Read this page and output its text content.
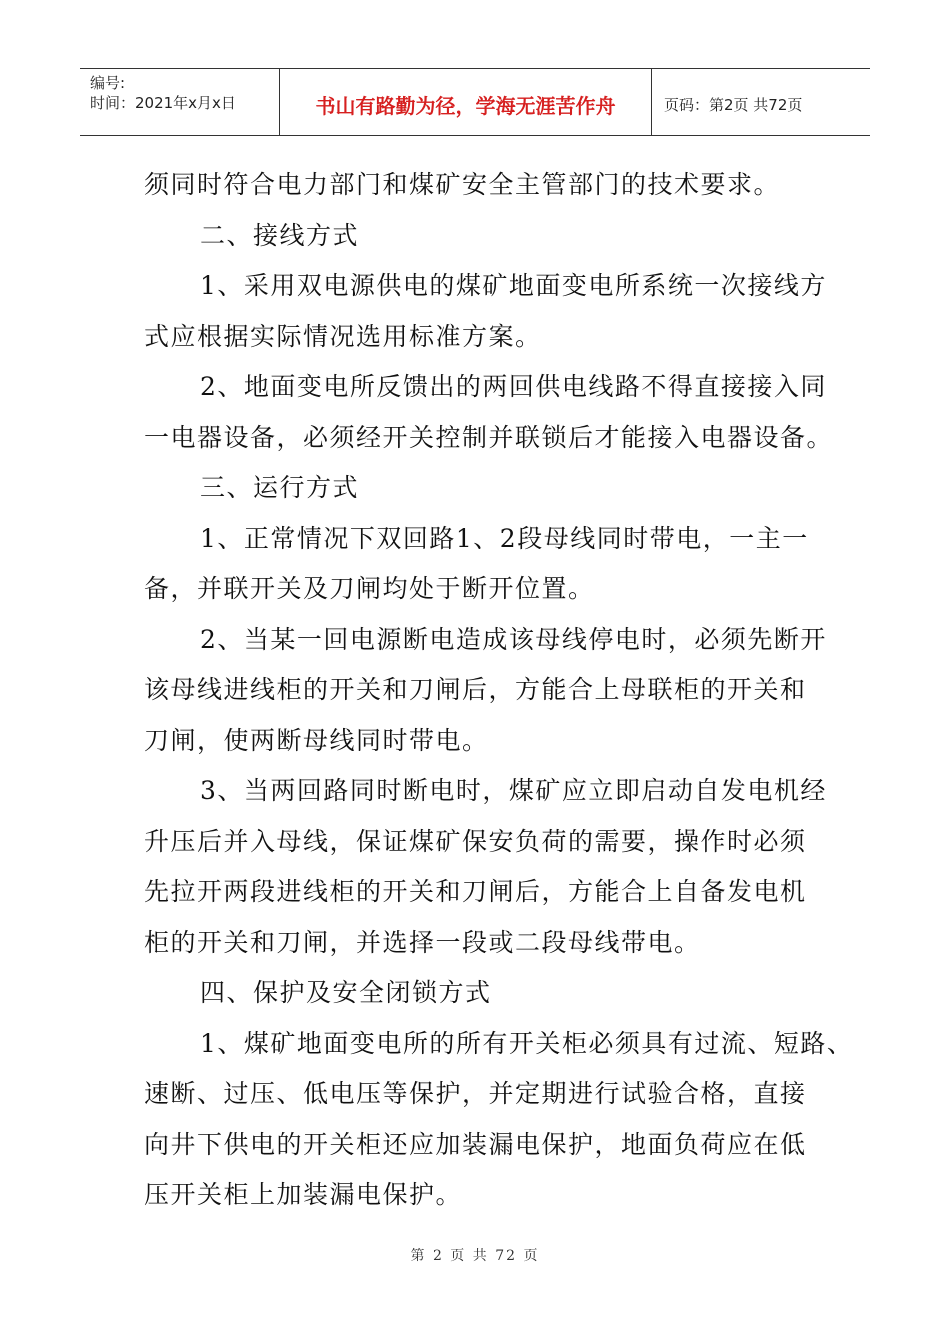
编号:
时间：2021年x月x日	书山有路勤为径，学海无涯苦作舟	页码：第2页 共72页
须同时符合电力部门和煤矿安全主管部门的技术要求。
二、接线方式
1、采用双电源供电的煤矿地面变电所系统一次接线方
式应根据实际情况选用标准方案。
2、地面变电所反馈出的两回供电线路不得直接接入同
一电器设备，必须经开关控制并联锁后才能接入电器设备。
三、运行方式
1、正常情况下双回路1、2段母线同时带电，一主一
备，并联开关及刀闸均处于断开位置。
2、当某一回电源断电造成该母线停电时，必须先断开
该母线进线柜的开关和刀闸后，方能合上母联柜的开关和
刀闸，使两断母线同时带电。
3、当两回路同时断电时，煤矿应立即启动自发电机经
升压后并入母线，保证煤矿保安负荷的需要，操作时必须
先拉开两段进线柜的开关和刀闸后，方能合上自备发电机
柜的开关和刀闸，并选择一段或二段母线带电。
四、保护及安全闭锁方式
1、煤矿地面变电所的所有开关柜必须具有过流、短路、
速断、过压、低电压等保护，并定期进行试验合格，直接
向井下供电的开关柜还应加装漏电保护，地面负荷应在低
压开关柜上加装漏电保护。
第 2 页 共 72 页
